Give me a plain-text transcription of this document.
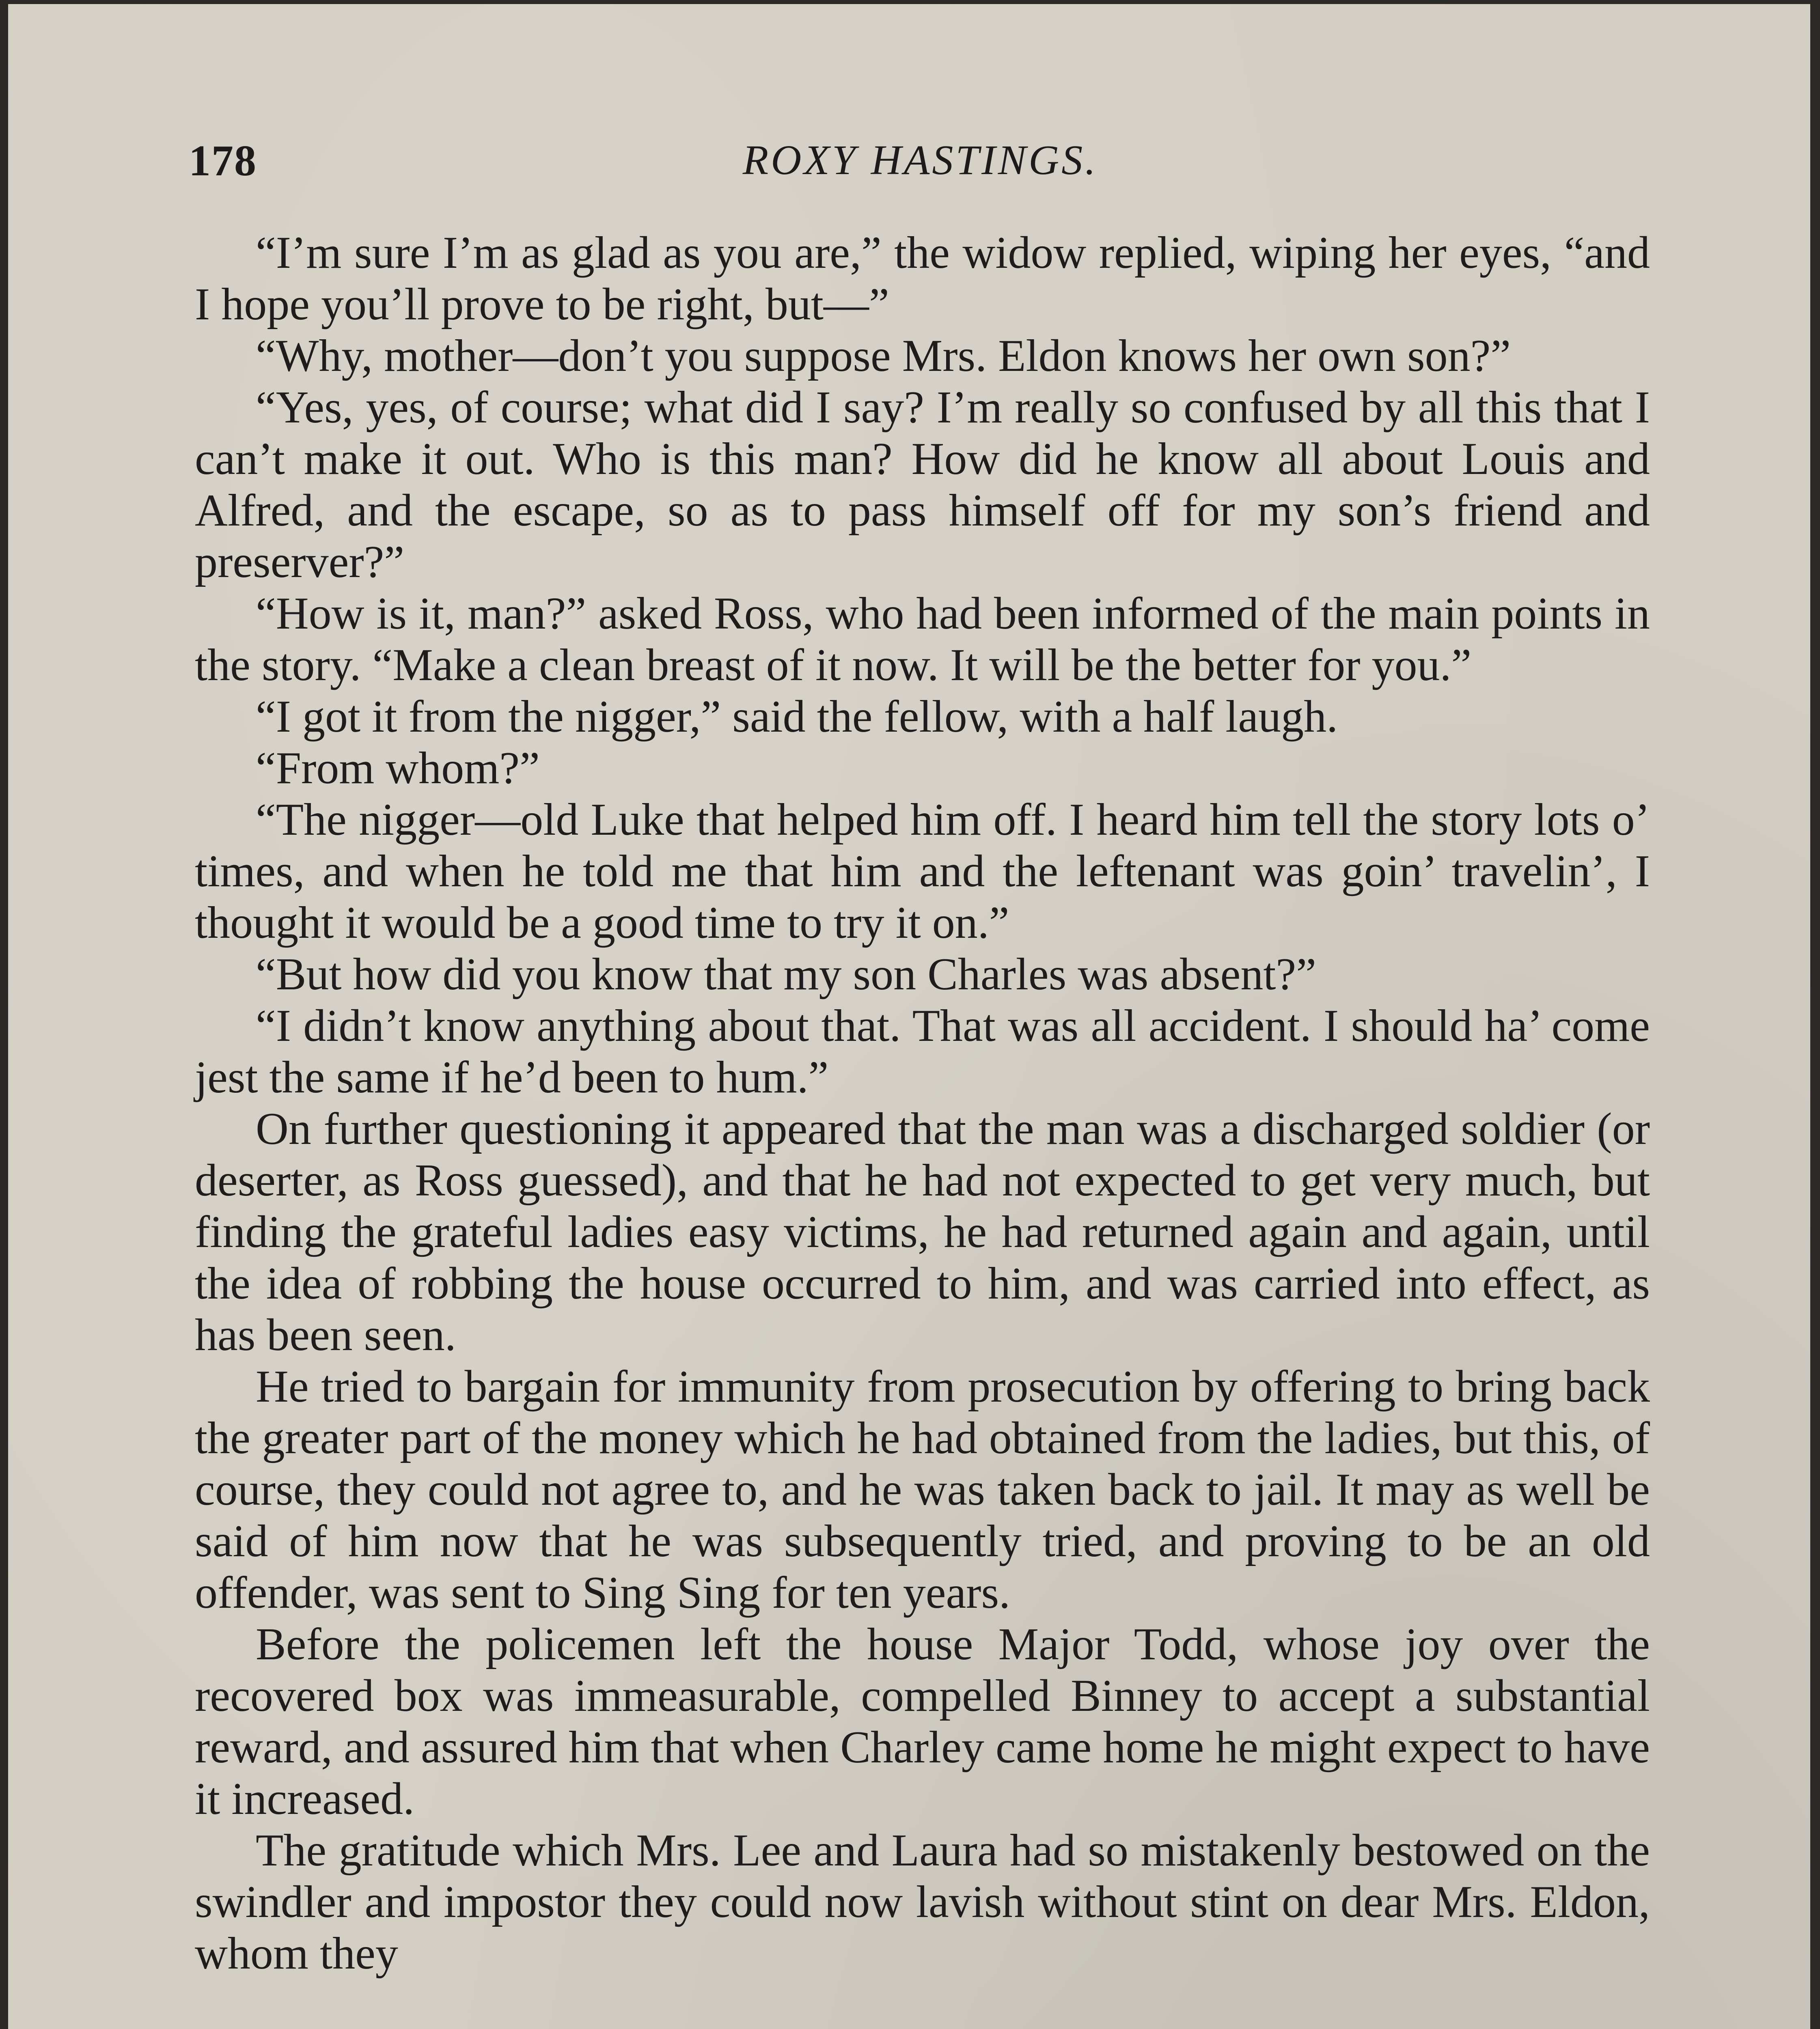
178	ROXY HASTINGS.

“I’m sure I’m as glad as you are,” the widow replied, wiping her eyes, “and I hope you’ll prove to be right, but—”

“Why, mother—don’t you suppose Mrs. Eldon knows her own son?”

“Yes, yes, of course; what did I say? I’m really so confused by all this that I can’t make it out. Who is this man? How did he know all about Louis and Alfred, and the escape, so as to pass himself off for my son’s friend and preserver?”

“How is it, man?” asked Ross, who had been informed of the main points in the story. “Make a clean breast of it now. It will be the better for you.”

“I got it from the nigger,” said the fellow, with a half laugh.

“From whom?”

“The nigger—old Luke that helped him off. I heard him tell the story lots o’ times, and when he told me that him and the leftenant was goin’ travelin’, I thought it would be a good time to try it on.”

“But how did you know that my son Charles was absent?”

“I didn’t know anything about that. That was all accident. I should ha’ come jest the same if he’d been to hum.”

On further questioning it appeared that the man was a discharged soldier (or deserter, as Ross guessed), and that he had not expected to get very much, but finding the grateful ladies easy victims, he had returned again and again, until the idea of robbing the house occurred to him, and was carried into effect, as has been seen.

He tried to bargain for immunity from prosecution by offering to bring back the greater part of the money which he had obtained from the ladies, but this, of course, they could not agree to, and he was taken back to jail. It may as well be said of him now that he was subsequently tried, and proving to be an old offender, was sent to Sing Sing for ten years.

Before the policemen left the house Major Todd, whose joy over the recovered box was immeasurable, compelled Binney to accept a substantial reward, and assured him that when Charley came home he might expect to have it increased.

The gratitude which Mrs. Lee and Laura had so mistakenly bestowed on the swindler and impostor they could now lavish without stint on dear Mrs. Eldon, whom they
